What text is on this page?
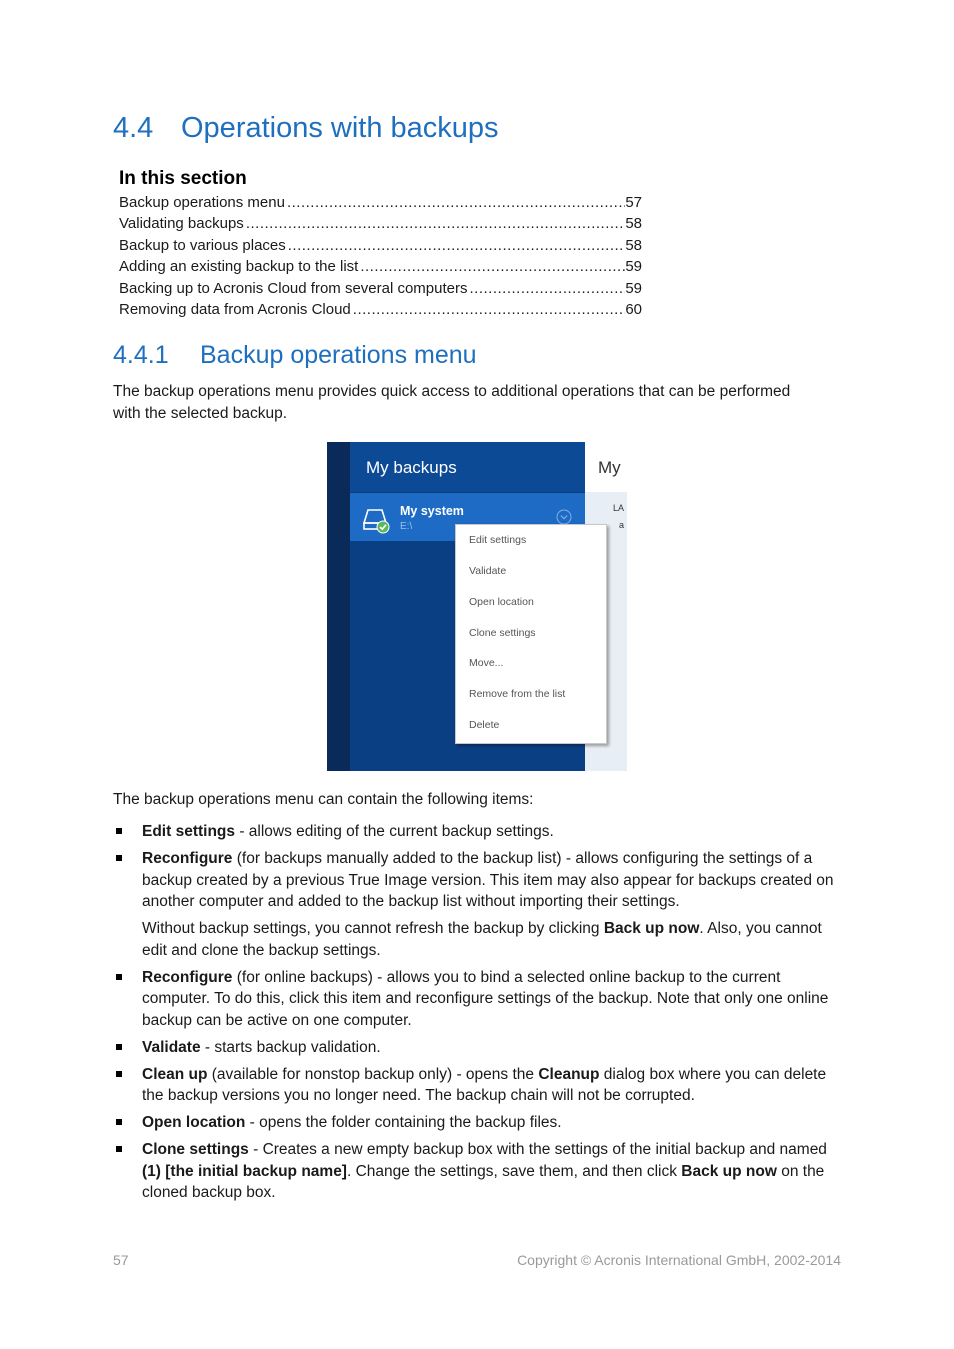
4.4 Operations with backups
In this section
Backup operations menu .....	57
Validating backups .....	58
Backup to various places .....	58
Adding an existing backup to the list .....	59
Backing up to Acronis Cloud from several computers .....	59
Removing data from Acronis Cloud .....	60
4.4.1 Backup operations menu
The backup operations menu provides quick access to additional operations that can be performed
with the selected backup.
My backups	My
LA
a
My system
E:\
Edit settings
Validate
Open location
Clone settings
Move...
Remove from the list
Delete
The backup operations menu can contain the following items:
Edit settings - allows editing of the current backup settings.
Reconfigure (for backups manually added to the backup list) - allows configuring the settings of a backup created by a previous True Image version. This item may also appear for backups created on another computer and added to the backup list without importing their settings.
Without backup settings, you cannot refresh the backup by clicking Back up now. Also, you cannot edit and clone the backup settings.
Reconfigure (for online backups) - allows you to bind a selected online backup to the current computer. To do this, click this item and reconfigure settings of the backup. Note that only one online backup can be active on one computer.
Validate - starts backup validation.
Clean up (available for nonstop backup only) - opens the Cleanup dialog box where you can delete the backup versions you no longer need. The backup chain will not be corrupted.
Open location - opens the folder containing the backup files.
Clone settings - Creates a new empty backup box with the settings of the initial backup and named (1) [the initial backup name]. Change the settings, save them, and then click Back up now on the cloned backup box.
57	Copyright © Acronis International GmbH, 2002-2014
